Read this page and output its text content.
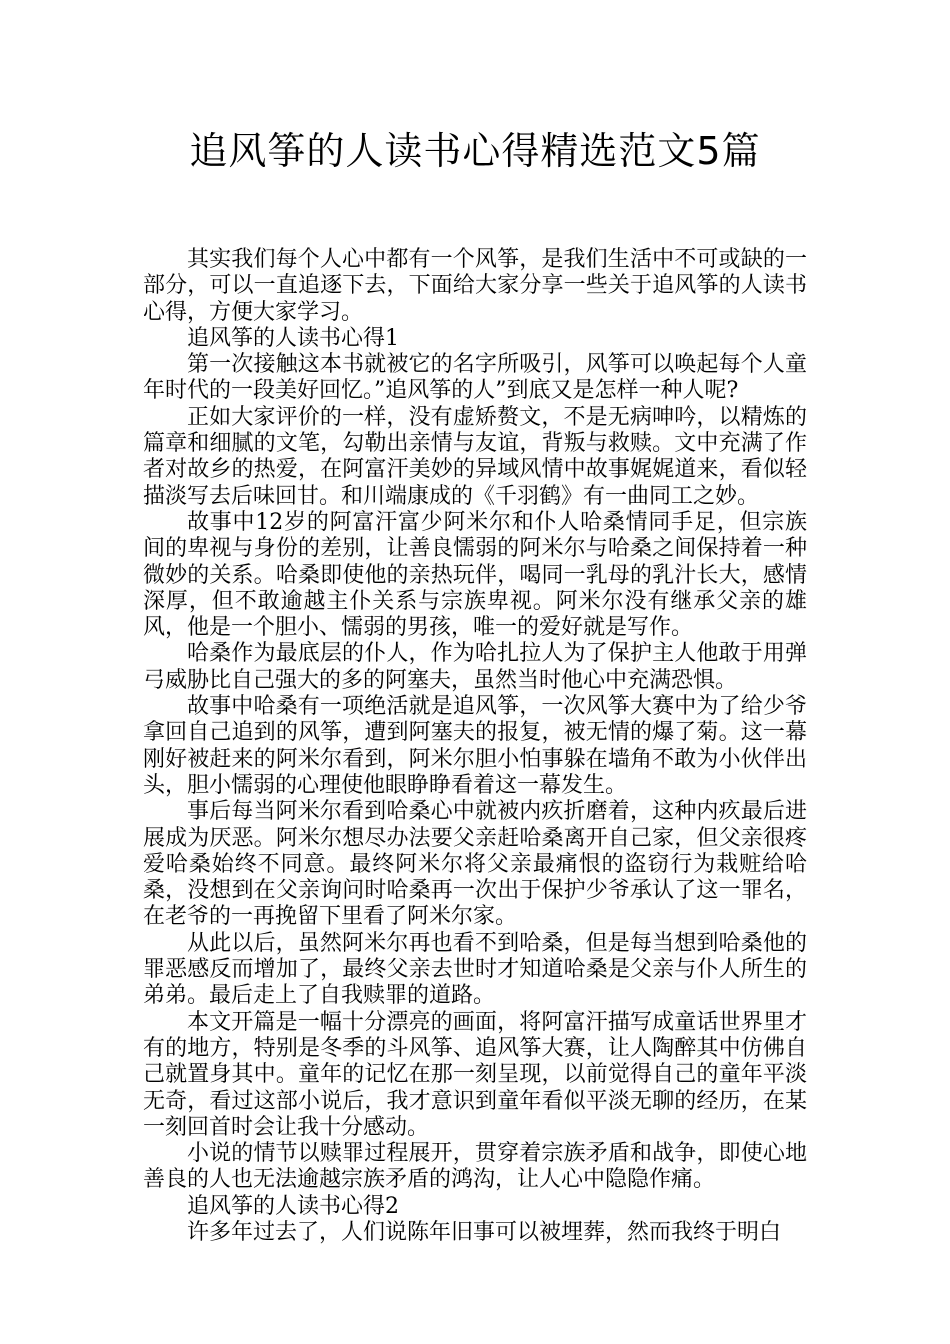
追风筝的人读书心得精选范文5篇

其实我们每个人心中都有一个风筝，是我们生活中不可或缺的一部分，可以一直追逐下去，下面给大家分享一些关于追风筝的人读书心得，方便大家学习。

追风筝的人读书心得1

第一次接触这本书就被它的名字所吸引，风筝可以唤起每个人童年时代的一段美好回忆。”追风筝的人”到底又是怎样一种人呢?

正如大家评价的一样，没有虚矫赘文，不是无病呻吟，以精炼的篇章和细腻的文笔，勾勒出亲情与友谊，背叛与救赎。文中充满了作者对故乡的热爱，在阿富汗美妙的异域风情中故事娓娓道来，看似轻描淡写去后味回甘。和川端康成的《千羽鹤》有一曲同工之妙。

故事中12岁的阿富汗富少阿米尔和仆人哈桑情同手足，但宗族间的卑视与身份的差别，让善良懦弱的阿米尔与哈桑之间保持着一种微妙的关系。哈桑即使他的亲热玩伴，喝同一乳母的乳汁长大，感情深厚，但不敢逾越主仆关系与宗族卑视。阿米尔没有继承父亲的雄风，他是一个胆小、懦弱的男孩，唯一的爱好就是写作。

哈桑作为最底层的仆人，作为哈扎拉人为了保护主人他敢于用弹弓威胁比自己强大的多的阿塞夫，虽然当时他心中充满恐惧。

故事中哈桑有一项绝活就是追风筝，一次风筝大赛中为了给少爷拿回自己追到的风筝，遭到阿塞夫的报复，被无情的爆了菊。这一幕刚好被赶来的阿米尔看到，阿米尔胆小怕事躲在墙角不敢为小伙伴出头，胆小懦弱的心理使他眼睁睁看着这一幕发生。

事后每当阿米尔看到哈桑心中就被内疚折磨着，这种内疚最后进展成为厌恶。阿米尔想尽办法要父亲赶哈桑离开自己家，但父亲很疼爱哈桑始终不同意。最终阿米尔将父亲最痛恨的盗窃行为栽赃给哈桑，没想到在父亲询问时哈桑再一次出于保护少爷承认了这一罪名，在老爷的一再挽留下里看了阿米尔家。

从此以后，虽然阿米尔再也看不到哈桑，但是每当想到哈桑他的罪恶感反而增加了，最终父亲去世时才知道哈桑是父亲与仆人所生的弟弟。最后走上了自我赎罪的道路。

本文开篇是一幅十分漂亮的画面，将阿富汗描写成童话世界里才有的地方，特别是冬季的斗风筝、追风筝大赛，让人陶醉其中仿佛自己就置身其中。童年的记忆在那一刻呈现，以前觉得自己的童年平淡无奇，看过这部小说后，我才意识到童年看似平淡无聊的经历，在某一刻回首时会让我十分感动。

小说的情节以赎罪过程展开，贯穿着宗族矛盾和战争，即使心地善良的人也无法逾越宗族矛盾的鸿沟，让人心中隐隐作痛。

追风筝的人读书心得2

许多年过去了，人们说陈年旧事可以被埋葬，然而我终于明白
